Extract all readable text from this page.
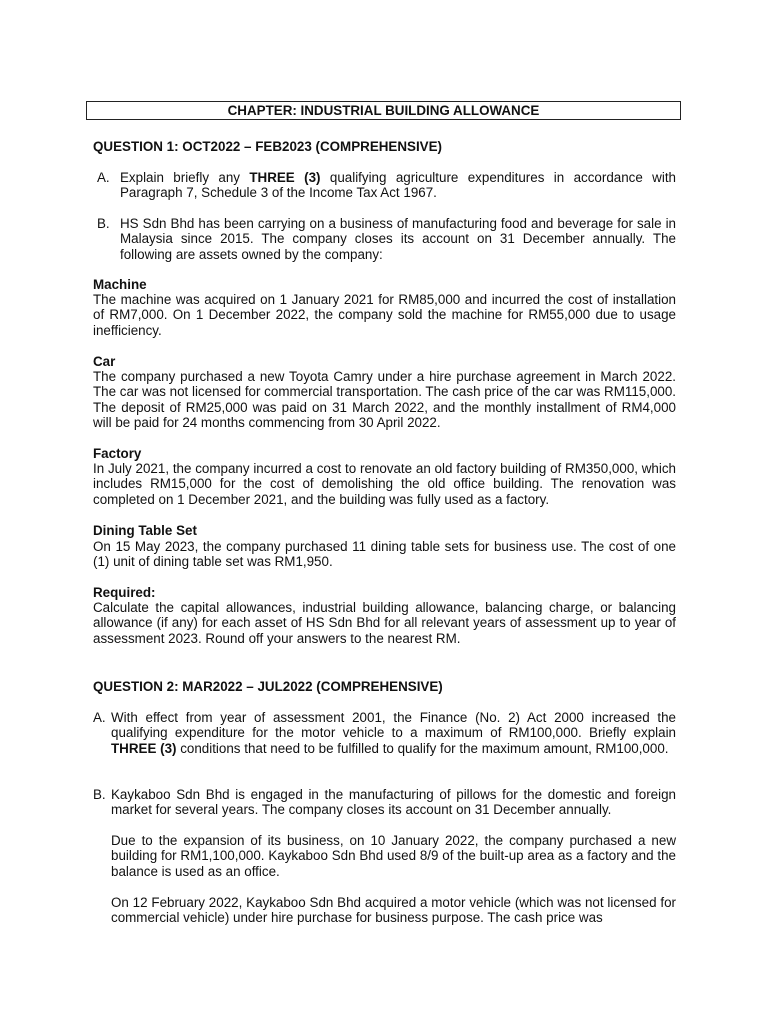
CHAPTER: INDUSTRIAL BUILDING ALLOWANCE
QUESTION 1: OCT2022 – FEB2023 (COMPREHENSIVE)
A. Explain briefly any THREE (3) qualifying agriculture expenditures in accordance with Paragraph 7, Schedule 3 of the Income Tax Act 1967.
B. HS Sdn Bhd has been carrying on a business of manufacturing food and beverage for sale in Malaysia since 2015. The company closes its account on 31 December annually. The following are assets owned by the company:
Machine
The machine was acquired on 1 January 2021 for RM85,000 and incurred the cost of installation of RM7,000. On 1 December 2022, the company sold the machine for RM55,000 due to usage inefficiency.
Car
The company purchased a new Toyota Camry under a hire purchase agreement in March 2022. The car was not licensed for commercial transportation. The cash price of the car was RM115,000. The deposit of RM25,000 was paid on 31 March 2022, and the monthly installment of RM4,000 will be paid for 24 months commencing from 30 April 2022.
Factory
In July 2021, the company incurred a cost to renovate an old factory building of RM350,000, which includes RM15,000 for the cost of demolishing the old office building. The renovation was completed on 1 December 2021, and the building was fully used as a factory.
Dining Table Set
On 15 May 2023, the company purchased 11 dining table sets for business use. The cost of one (1) unit of dining table set was RM1,950.
Required:
Calculate the capital allowances, industrial building allowance, balancing charge, or balancing allowance (if any) for each asset of HS Sdn Bhd for all relevant years of assessment up to year of assessment 2023. Round off your answers to the nearest RM.
QUESTION 2: MAR2022 – JUL2022 (COMPREHENSIVE)
A. With effect from year of assessment 2001, the Finance (No. 2) Act 2000 increased the qualifying expenditure for the motor vehicle to a maximum of RM100,000. Briefly explain THREE (3) conditions that need to be fulfilled to qualify for the maximum amount, RM100,000.
B. Kaykaboo Sdn Bhd is engaged in the manufacturing of pillows for the domestic and foreign market for several years. The company closes its account on 31 December annually.
Due to the expansion of its business, on 10 January 2022, the company purchased a new building for RM1,100,000. Kaykaboo Sdn Bhd used 8/9 of the built-up area as a factory and the balance is used as an office.
On 12 February 2022, Kaykaboo Sdn Bhd acquired a motor vehicle (which was not licensed for commercial vehicle) under hire purchase for business purpose. The cash price was
